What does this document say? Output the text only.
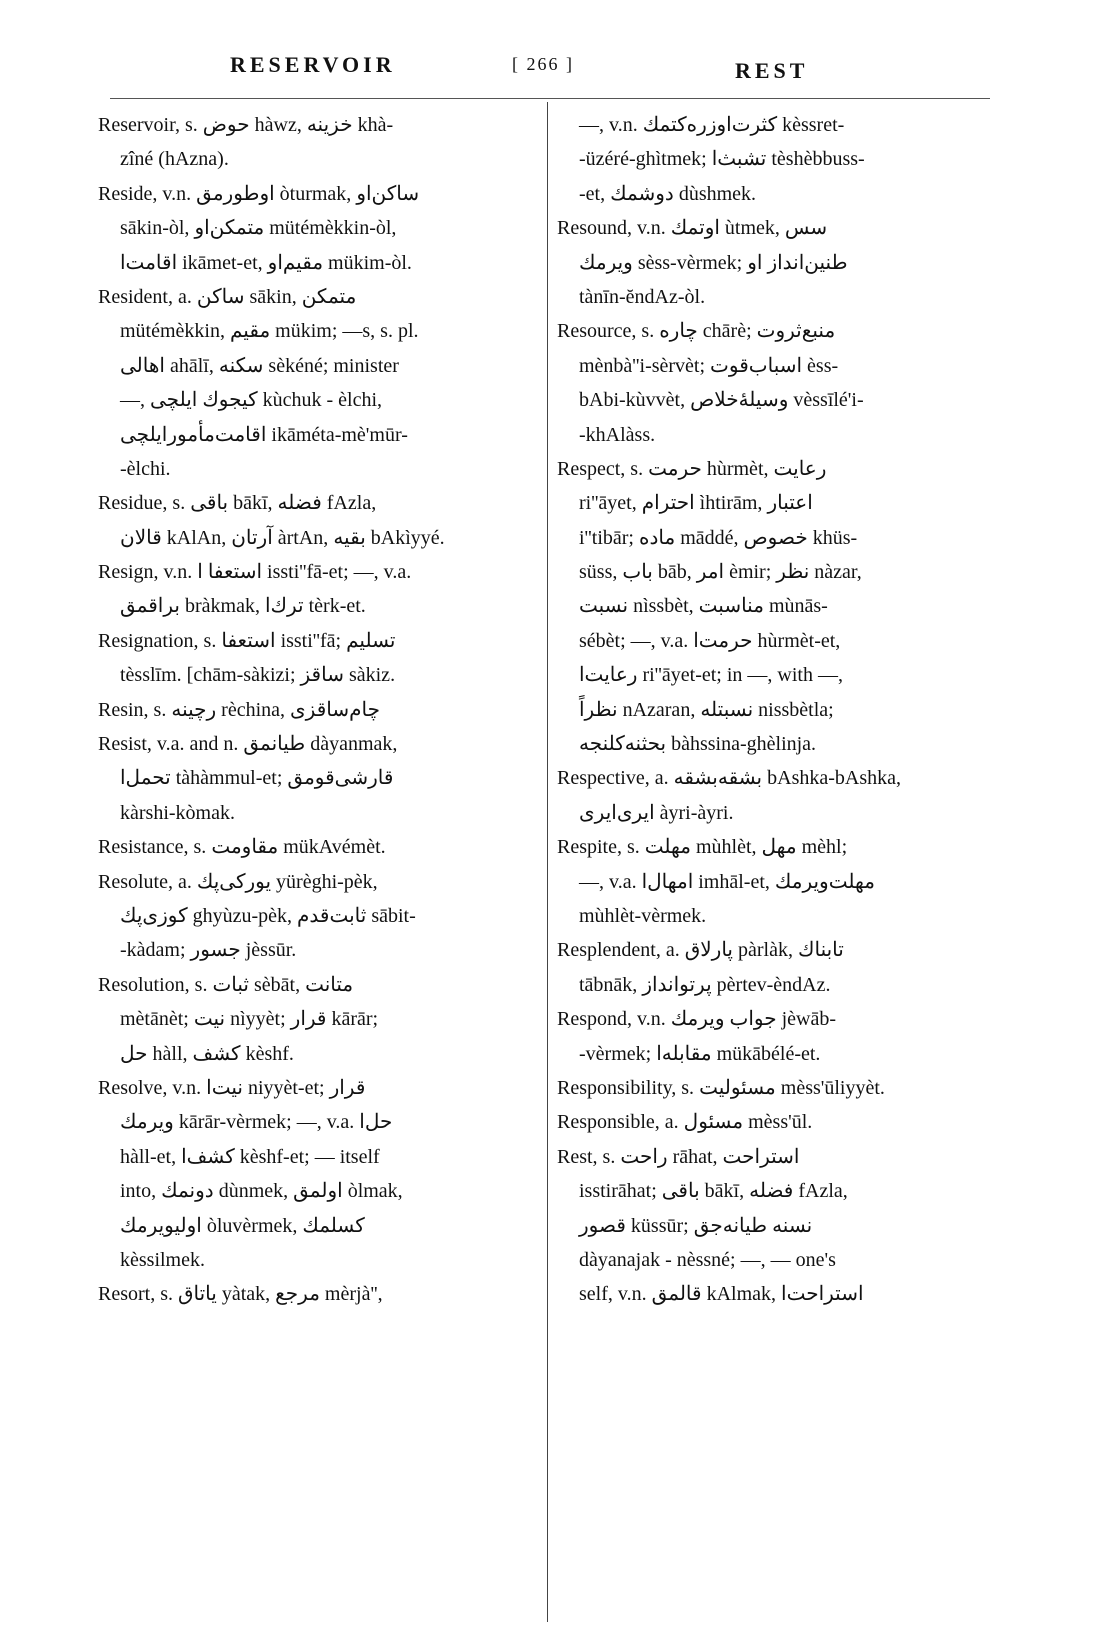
RESERVOIR	[ 266 ]	REST
Reservoir, s. حوض hàwz, خزينه khà-
zîné (hAzna).
Reside, v.n. اوطورمق òturmak, ساكن‌او
sākin-òl, متمكن‌او mütémèkkin-òl,
اقامت‌ا ikāmet-et, مقيم‌او mükim-òl.
Resident, a. ساكن sākin, متمكن
mütémèkkin, مقيم mükim; —s, s. pl.
اهالى ahālī, سكنه sèkéné; minister
—, كيجوك ايلچى kùchuk - èlchi,
اقامت‌مأمورايلچى ikāméta-mè'mūr-
-èlchi.
Residue, s. باقى bākī, فضله fAzla,
قالان kAlAn, آرتان àrtAn, بقيه bAkìyyé.
Resign, v.n. استعفا ا issti''fā-et; —, v.a.
براقمق bràkmak, ترك‌ا tèrk-et.
Resignation, s. استعفا issti''fā; تسليم
tèsslīm. [chām-sàkizi; ساقز sàkiz.
Resin, s. رچينه rèchina, چام‌ساقزى
Resist, v.a. and n. طيانمق dàyanmak,
تحمل‌ا tàhàmmul-et; قارشى‌قومق
kàrshi-kòmak.
Resistance, s. مقاومت mükAvémèt.
Resolute, a. يوركى‌پك yürèghi-pèk,
كوزى‌پك ghyùzu-pèk, ثابت‌قدم sābit-
-kàdam; جسور jèssūr.
Resolution, s. ثبات sèbāt, متانت
mètānèt; نيت nìyyèt; قرار kārār;
حل hàll, كشف kèshf.
Resolve, v.n. نيت‌ا niyyèt-et; قرار
ويرمك kārār-vèrmek; —, v.a. حل‌ا
hàll-et, كشف‌ا kèshf-et; — itself
into, دونمك dùnmek, اولمق òlmak,
اوليويرمك òluvèrmek, كسلمك
kèssilmek.
Resort, s. ياتاق yàtak, مرجع mèrjà'',
—, v.n. كثرت‌اوزره‌كتمك kèssret-
-üzéré-ghìtmek; تشبث‌ا tèshèbbuss-
-et, دوشمك dùshmek.
Resound, v.n. اوتمك ùtmek, سس
ويرمك sèss-vèrmek; طنين‌انداز او
tànīn-ĕndAz-òl.
Resource, s. چاره chārè; منبع‌ثروت
mènbà''i-sèrvèt; اسباب‌قوت èss-
bAbi-kùvvèt, وسيلهٔ‌خلاص vèssīlé'i-
-khAlàss.
Respect, s. حرمت hùrmèt, رعايت
ri''āyet, احترام ìhtirām, اعتبار
i''tibār; ماده māddé, خصوص khüs-
süss, باب bāb, امر èmir; نظر nàzar,
نسبت nìssbèt, مناسبت mùnās-
sébèt; —, v.a. حرمت‌ا hùrmèt-et,
رعايت‌ا ri''āyet-et; in —, with —,
نظراً nAzaran, نسبتله nissbètla;
بحثنه‌كلنجه bàhssina-ghèlinja.
Respective, a. بشقه‌بشقه bAshka-bAshka,
ايرى‌ايرى àyri-àyri.
Respite, s. مهلت mùhlèt, مهل mèhl;
—, v.a. امهال‌ا imhāl-et, مهلت‌ويرمك
mùhlèt-vèrmek.
Resplendent, a. پارلاق pàrlàk, تابناك
tābnāk, پرتوانداز pèrtev-èndAz.
Respond, v.n. جواب ويرمك jèwāb-
-vèrmek; مقابله‌ا mükābélé-et.
Responsibility, s. مسئوليت mèss'ūliyyèt.
Responsible, a. مسئول mèss'ūl.
Rest, s. راحت rāhat, استراحت
isstirāhat; باقى bākī, فضله fAzla,
قصور küssūr; نسنه طيانه‌جق
dàyanajak - nèssné; —, — one's
self, v.n. قالمق kAlmak, استراحت‌ا
